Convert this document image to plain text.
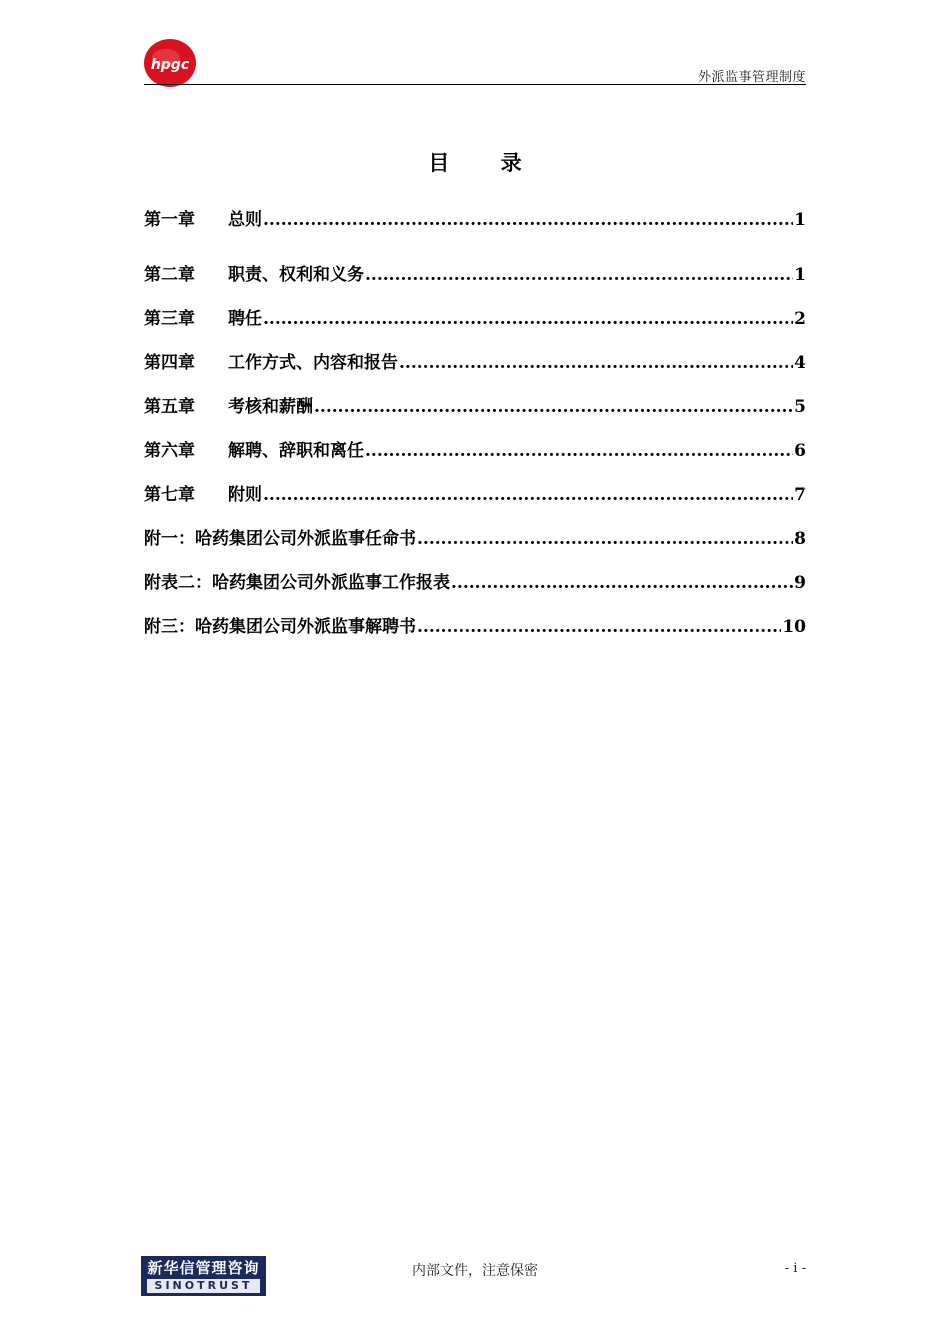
hpgc
外派监事管理制度
目 录
第一章	总则 .....	1
第二章	职责、权利和义务 .....	1
第三章	聘任 .....	2
第四章	工作方式、内容和报告 .....	4
第五章	考核和薪酬 .....	5
第六章	解聘、辞职和离任 .....	6
第七章	附则 .....	7
附一：哈药集团公司外派监事任命书 .....	8
附表二：哈药集团公司外派监事工作报表 .....	9
附三：哈药集团公司外派监事解聘书 .....	10
新华信管理咨询
SINOTRUST
内部文件，注意保密	- i -
